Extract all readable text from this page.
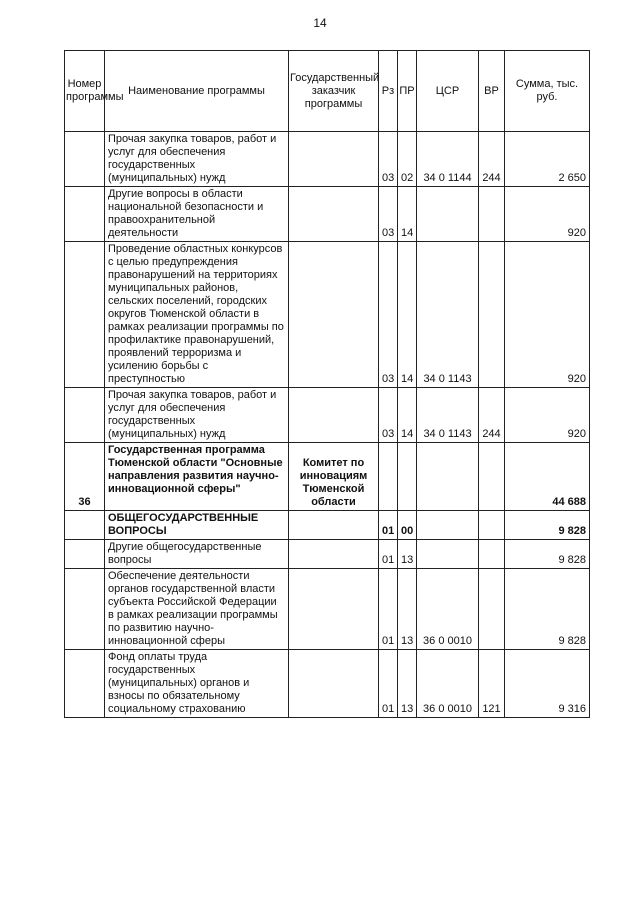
14
Номер программы	Наименование программы	Государственный заказчик программы	Рз	ПР	ЦСР	ВР	Сумма, тыс. руб.
	Прочая закупка товаров, работ и услуг для обеспечения государственных (муниципальных) нужд		03	02	34 0 1144	244	2 650
	Другие вопросы в области национальной безопасности и правоохранительной деятельности		03	14			920
	Проведение областных конкурсов с целью предупреждения правонарушений на территориях муниципальных районов, сельских поселений, городских округов Тюменской области в рамках реализации программы по профилактике правонарушений, проявлений терроризма и усилению борьбы с преступностью		03	14	34 0 1143		920
	Прочая закупка товаров, работ и услуг для обеспечения государственных (муниципальных) нужд		03	14	34 0 1143	244	920
36	Государственная программа Тюменской области "Основные направления развития научно-инновационной сферы"	Комитет по инновациям Тюменской области					44 688
	ОБЩЕГОСУДАРСТВЕННЫЕ ВОПРОСЫ		01	00			9 828
	Другие общегосударственные вопросы		01	13			9 828
	Обеспечение деятельности органов государственной власти субъекта Российской Федерации в рамках реализации программы по развитию научно-инновационной сферы		01	13	36 0 0010		9 828
	Фонд оплаты труда государственных (муниципальных) органов и взносы по обязательному социальному страхованию		01	13	36 0 0010	121	9 316
